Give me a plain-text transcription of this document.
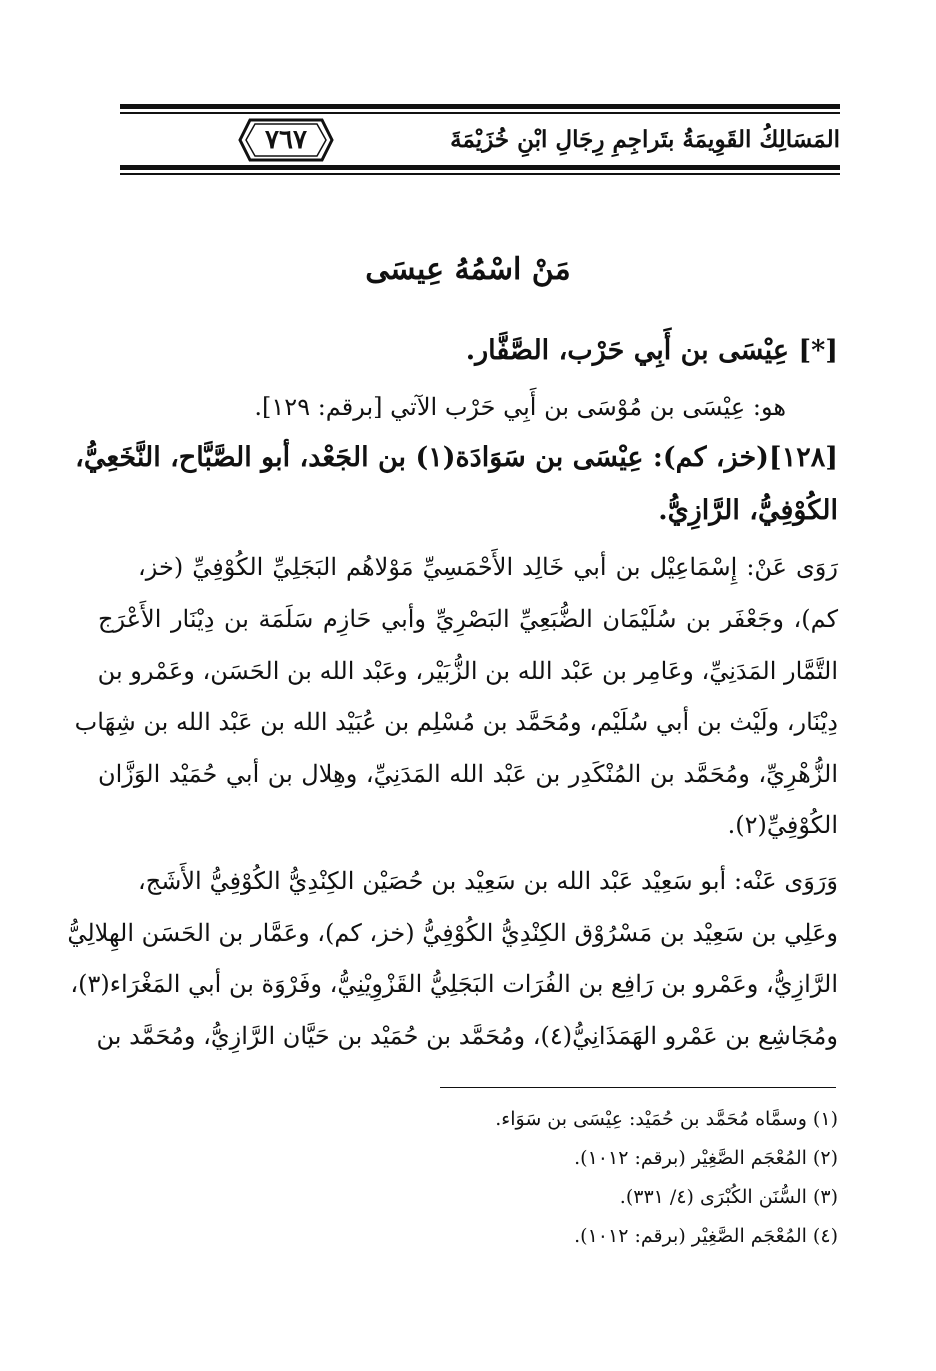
المَسَالِكُ القَوِيمَةُ بتَراجِمِ رِجَالِ ابْنِ خُزَيْمَةَ
٧٦٧
مَنْ اسْمُهُ عِيسَى
[*] عِيْسَى بن أَبِي حَرْب، الصَّفَّار.
هو: عِيْسَى بن مُوْسَى بن أَبِي حَرْب الآتي [برقم: ١٢٩].
[١٢٨](خز، كم): عِيْسَى بن سَوَادَة(١) بن الجَعْد، أبو الصَّبَّاح، النَّخَعِيُّ،
الكُوْفِيُّ، الرَّازِيُّ.
رَوَى عَنْ: إِسْمَاعِيْل بن أبي خَالِد الأَحْمَسِيِّ مَوْلاهُم البَجَلِيِّ الكُوْفِيِّ (خز،
كم)، وجَعْفَر بن سُلَيْمَان الضُّبَعِيِّ البَصْرِيِّ وأبي حَازِم سَلَمَة بن دِيْنَار الأَعْرَج
التَّمَّار المَدَنِيِّ، وعَامِر بن عَبْد الله بن الزُّبَيْر، وعَبْد الله بن الحَسَن، وعَمْرو بن
دِيْنَار، ولَيْث بن أبي سُلَيْم، ومُحَمَّد بن مُسْلِم بن عُبَيْد الله بن عَبْد الله بن شِهَاب
الزُّهْرِيِّ، ومُحَمَّد بن المُنْكَدِر بن عَبْد الله المَدَنِيِّ، وهِلال بن أبي حُمَيْد الوَزَّان
الكُوْفِيِّ(٢).
وَرَوَى عَنْه: أبو سَعِيْد عَبْد الله بن سَعِيْد بن حُصَيْن الكِنْدِيُّ الكُوْفِيُّ الأَشَج،
وعَلِي بن سَعِيْد بن مَسْرُوْق الكِنْدِيُّ الكُوْفِيُّ (خز، كم)، وعَمَّار بن الحَسَن الهِلالِيُّ
الرَّازِيُّ، وعَمْرو بن رَافِع بن الفُرَات البَجَلِيُّ القَزْوِيْنِيُّ، وفَرْوَة بن أبي المَغْرَاء(٣)،
ومُجَاشِع بن عَمْرو الهَمَذَانِيُّ(٤)، ومُحَمَّد بن حُمَيْد بن حَيَّان الرَّازِيُّ، ومُحَمَّد بن
(١) وسمَّاه مُحَمَّد بن حُمَيْد: عِيْسَى بن سَوَاء.
(٢) المُعْجَم الصَّغِيْر (برقم: ١٠١٢).
(٣) السُّنَن الكُبْرَى (٤/ ٣٣١).
(٤) المُعْجَم الصَّغِيْر (برقم: ١٠١٢).
